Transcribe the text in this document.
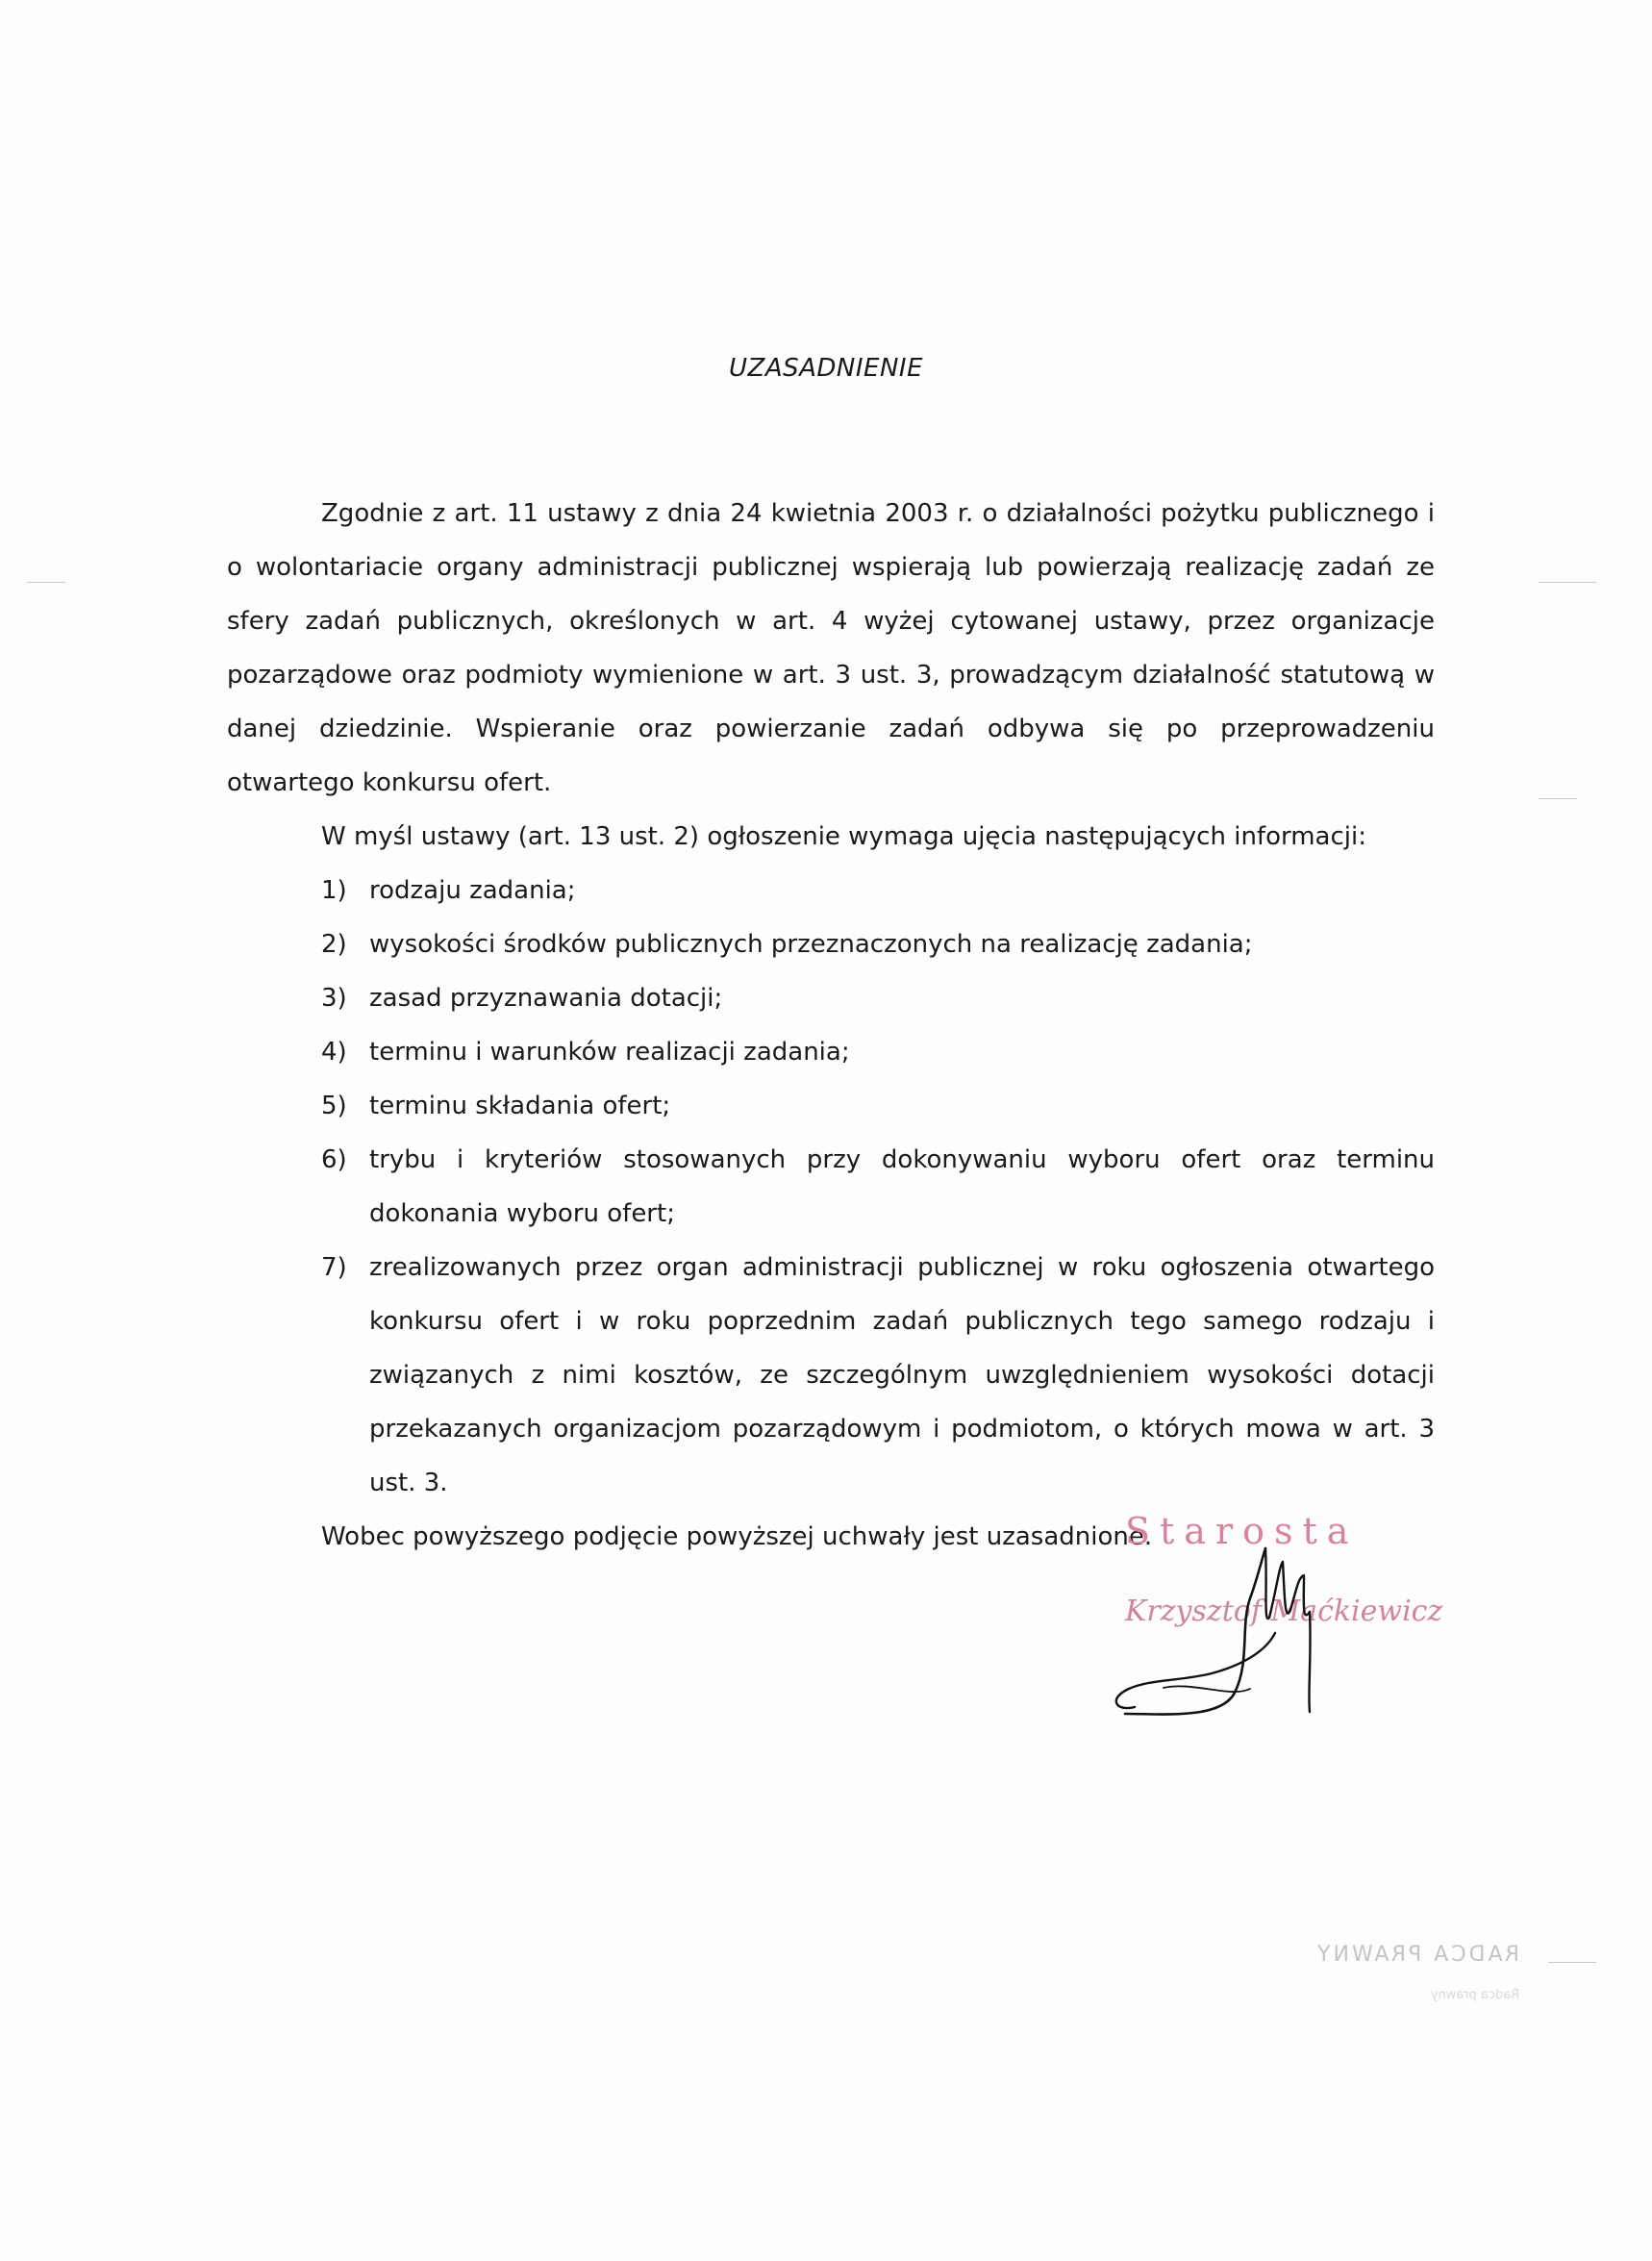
UZASADNIENIE

Zgodnie z art. 11 ustawy z dnia 24 kwietnia 2003 r. o działalności pożytku publicznego i o wolontariacie organy administracji publicznej wspierają lub powierzają realizację zadań ze sfery zadań publicznych, określonych w art. 4 wyżej cytowanej ustawy, przez organizacje pozarządowe oraz podmioty wymienione w art. 3 ust. 3, prowadzącym działalność statutową w danej dziedzinie. Wspieranie oraz powierzanie zadań odbywa się po przeprowadzeniu otwartego konkursu ofert.

W myśl ustawy (art. 13 ust. 2) ogłoszenie wymaga ujęcia następujących informacji:

1) rodzaju zadania;
2) wysokości środków publicznych przeznaczonych na realizację zadania;
3) zasad przyznawania dotacji;
4) terminu i warunków realizacji zadania;
5) terminu składania ofert;
6) trybu i kryteriów stosowanych przy dokonywaniu wyboru ofert oraz terminu dokonania wyboru ofert;
7) zrealizowanych przez organ administracji publicznej w roku ogłoszenia otwartego konkursu ofert i w roku poprzednim zadań publicznych tego samego rodzaju i związanych z nimi kosztów, ze szczególnym uwzględnieniem wysokości dotacji przekazanych organizacjom pozarządowym i podmiotom, o których mowa w art. 3 ust. 3.

Wobec powyższego podjęcie powyższej uchwały jest uzasadnione.

Starosta
Krzysztof Maćkiewicz
RADCA PRAWNY
Radca prawny
